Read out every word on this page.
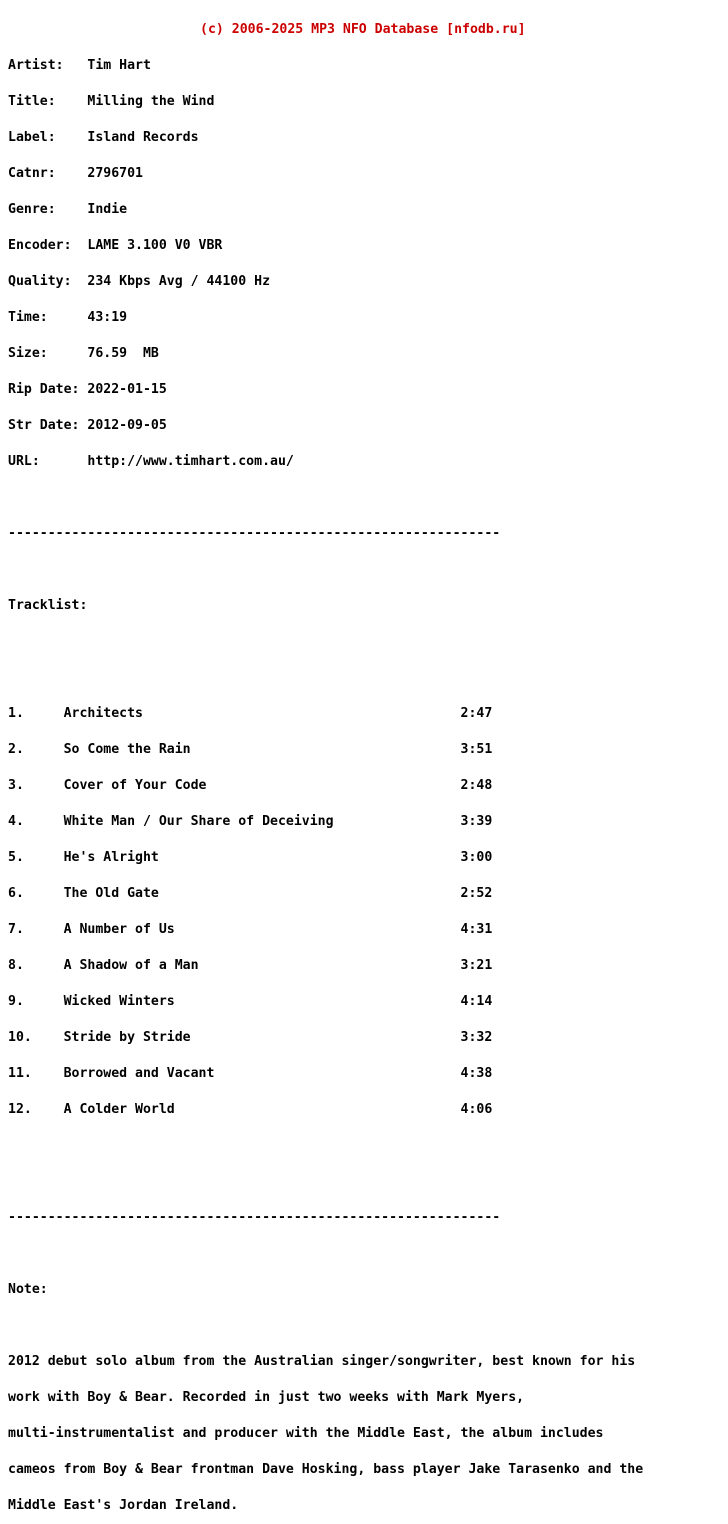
(c) 2006-2025 MP3 NFO Database [nfodb.ru]

Artist:   Tim Hart

Title:    Milling the Wind

Label:    Island Records

Catnr:    2796701

Genre:    Indie

Encoder:  LAME 3.100 V0 VBR

Quality:  234 Kbps Avg / 44100 Hz

Time:     43:19

Size:     76.59  MB

Rip Date: 2022-01-15

Str Date: 2012-09-05

URL:      http://www.timhart.com.au/

--------------------------------------------------------------

Tracklist:

1.     Architects                                        2:47

2.     So Come the Rain                                  3:51

3.     Cover of Your Code                                2:48

4.     White Man / Our Share of Deceiving                3:39

5.     He's Alright                                      3:00

6.     The Old Gate                                      2:52

7.     A Number of Us                                    4:31

8.     A Shadow of a Man                                 3:21

9.     Wicked Winters                                    4:14

10.    Stride by Stride                                  3:32

11.    Borrowed and Vacant                               4:38

12.    A Colder World                                    4:06

--------------------------------------------------------------

Note:

2012 debut solo album from the Australian singer/songwriter, best known for his

work with Boy & Bear. Recorded in just two weeks with Mark Myers,

multi-instrumentalist and producer with the Middle East, the album includes

cameos from Boy & Bear frontman Dave Hosking, bass player Jake Tarasenko and the

Middle East's Jordan Ireland.
